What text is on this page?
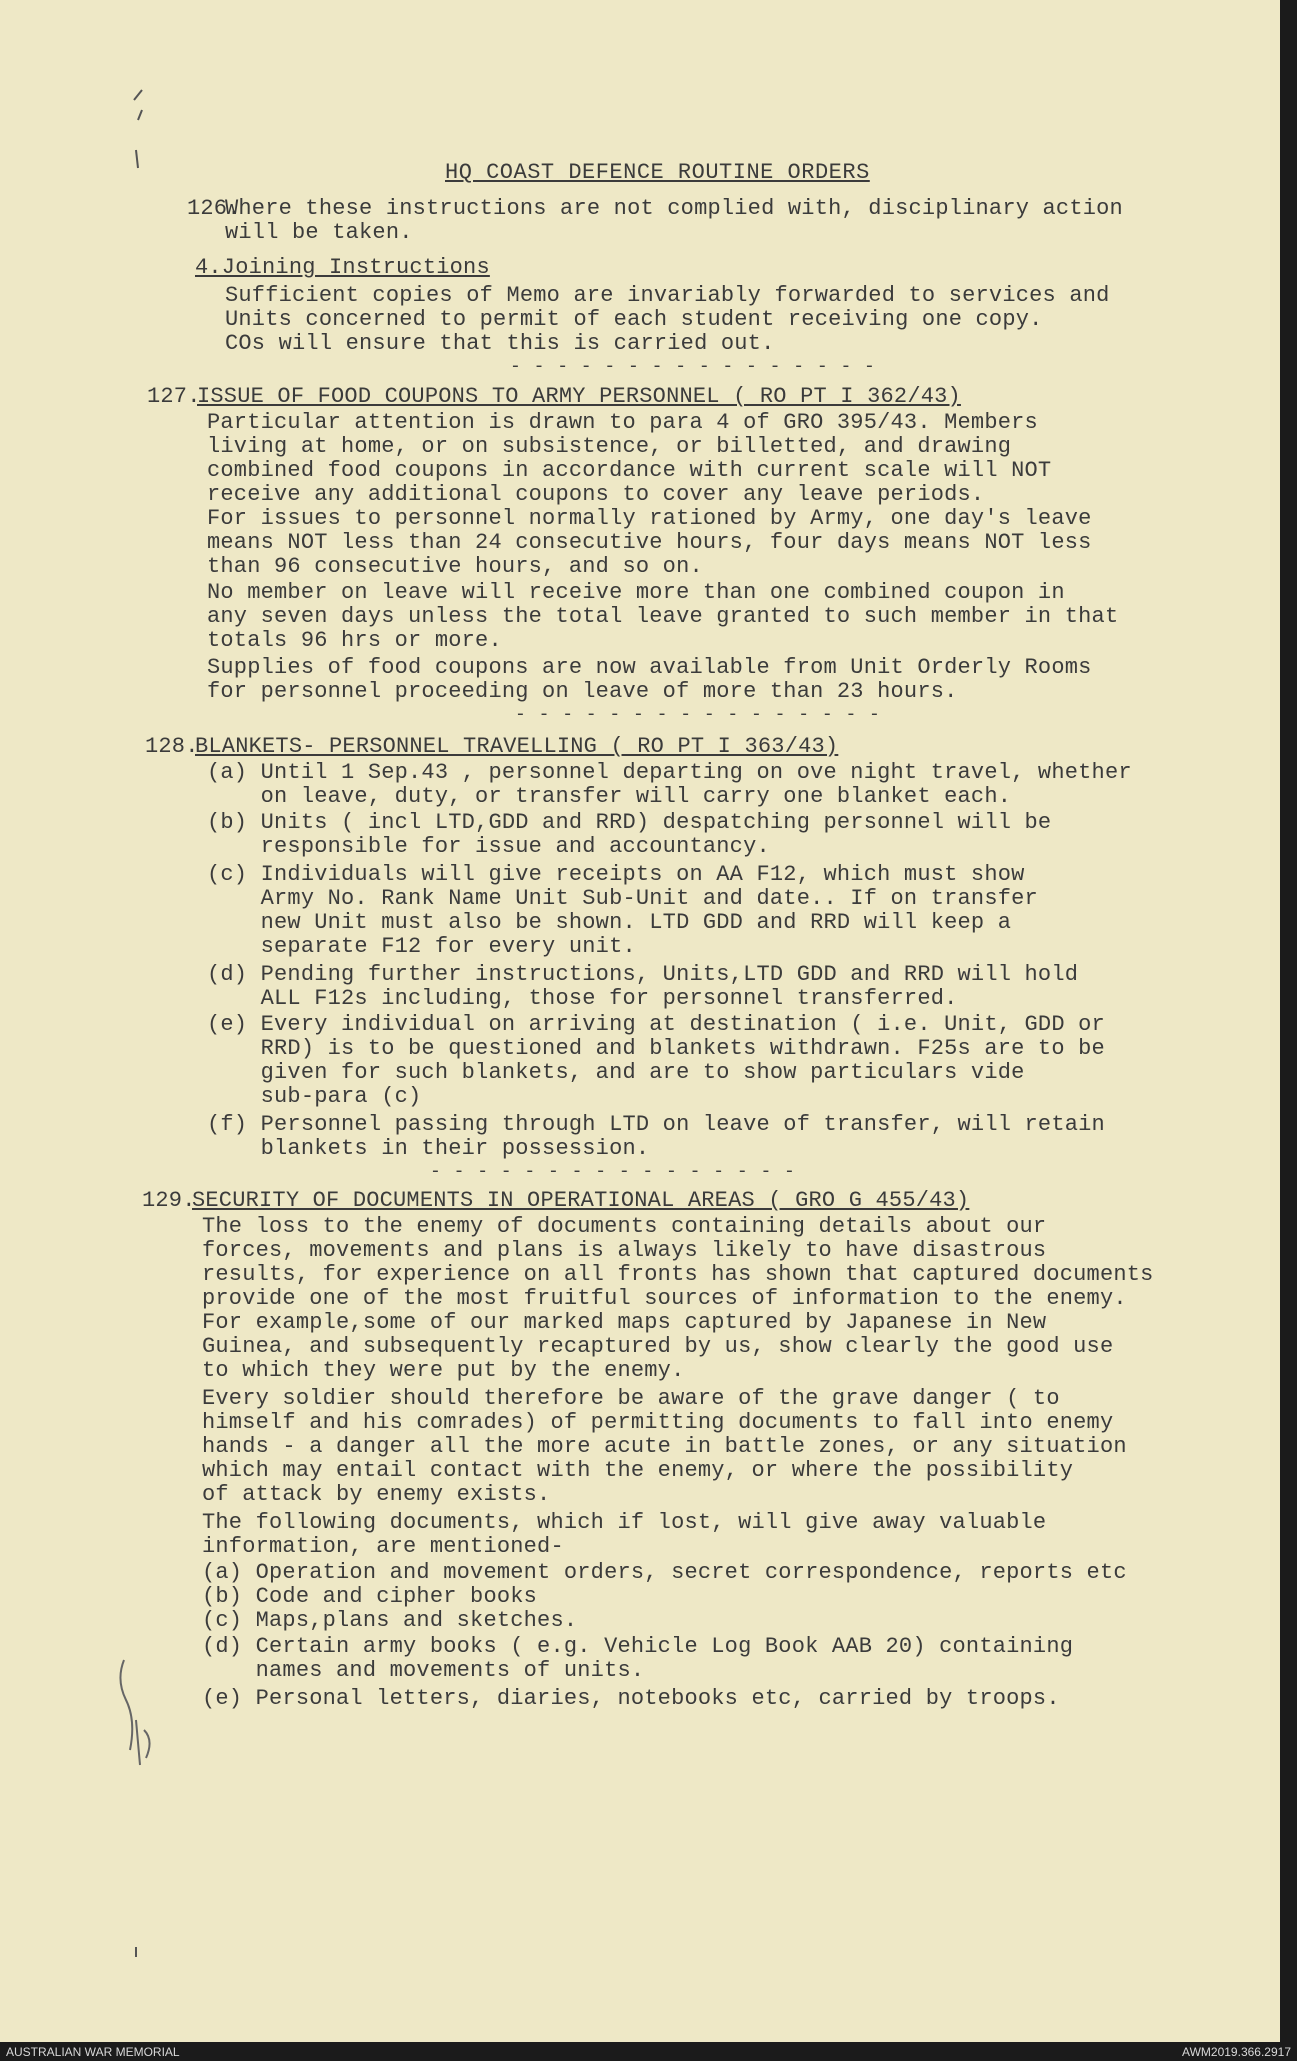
HQ COAST DEFENCE ROUTINE ORDERS
126.
Where these instructions are not complied with, disciplinary action
will be taken.
4.Joining Instructions
Sufficient copies of Memo are invariably forwarded to services and
Units concerned to permit of each student receiving one copy.
COs will ensure that this is carried out.
- - - - - - - - - - - - - - - -
127.
ISSUE OF FOOD COUPONS TO ARMY PERSONNEL ( RO PT I 362/43)
Particular attention is drawn to para 4 of GRO 395/43. Members
living at home, or on subsistence, or billetted, and drawing
combined food coupons in accordance with current scale will NOT
receive any additional coupons to cover any leave periods.
For issues to personnel normally rationed by Army, one day's leave
means NOT less than 24 consecutive hours, four days means NOT less
than 96 consecutive hours, and so on.
No member on leave will receive more than one combined coupon in
any seven days unless the total leave granted to such member in that
totals 96 hrs or more.
Supplies of food coupons are now available from Unit Orderly Rooms
for personnel proceeding on leave of more than 23 hours.
- - - - - - - - - - - - - - - -
128.
BLANKETS- PERSONNEL TRAVELLING ( RO PT I 363/43)
(a) Until 1 Sep.43 , personnel departing on ove night travel, whether
on leave, duty, or transfer will carry one blanket each.
(b) Units ( incl LTD,GDD and RRD) despatching personnel will be
responsible for issue and accountancy.
(c) Individuals will give receipts on AA F12, which must show
Army No. Rank Name Unit Sub-Unit and date.. If on transfer
new Unit must also be shown. LTD GDD and RRD will keep a
separate F12 for every unit.
(d) Pending further instructions, Units,LTD GDD and RRD will hold
ALL F12s including, those for personnel transferred.
(e) Every individual on arriving at destination ( i.e. Unit, GDD or
RRD) is to be questioned and blankets withdrawn. F25s are to be
given for such blankets, and are to show particulars vide
sub-para (c)
(f) Personnel passing through LTD on leave of transfer, will retain
blankets in their possession.
- - - - - - - - - - - - - - - -
129.
SECURITY OF DOCUMENTS IN OPERATIONAL AREAS ( GRO G 455/43)
The loss to the enemy of documents containing details about our
forces, movements and plans is always likely to have disastrous
results, for experience on all fronts has shown that captured documents
provide one of the most fruitful sources of information to the enemy.
For example,some of our marked maps captured by Japanese in New
Guinea, and subsequently recaptured by us, show clearly the good use
to which they were put by the enemy.
Every soldier should therefore be aware of the grave danger ( to
himself and his comrades) of permitting documents to fall into enemy
hands - a danger all the more acute in battle zones, or any situation
which may entail contact with the enemy, or where the possibility
of attack by enemy exists.
The following documents, which if lost, will give away valuable
information, are mentioned-
(a) Operation and movement orders, secret correspondence, reports etc
(b) Code and cipher books
(c) Maps,plans and sketches.
(d) Certain army books ( e.g. Vehicle Log Book AAB 20) containing
names and movements of units.
(e) Personal letters, diaries, notebooks etc, carried by troops.
AUSTRALIAN WAR MEMORIAL	AWM2019.366.2917
